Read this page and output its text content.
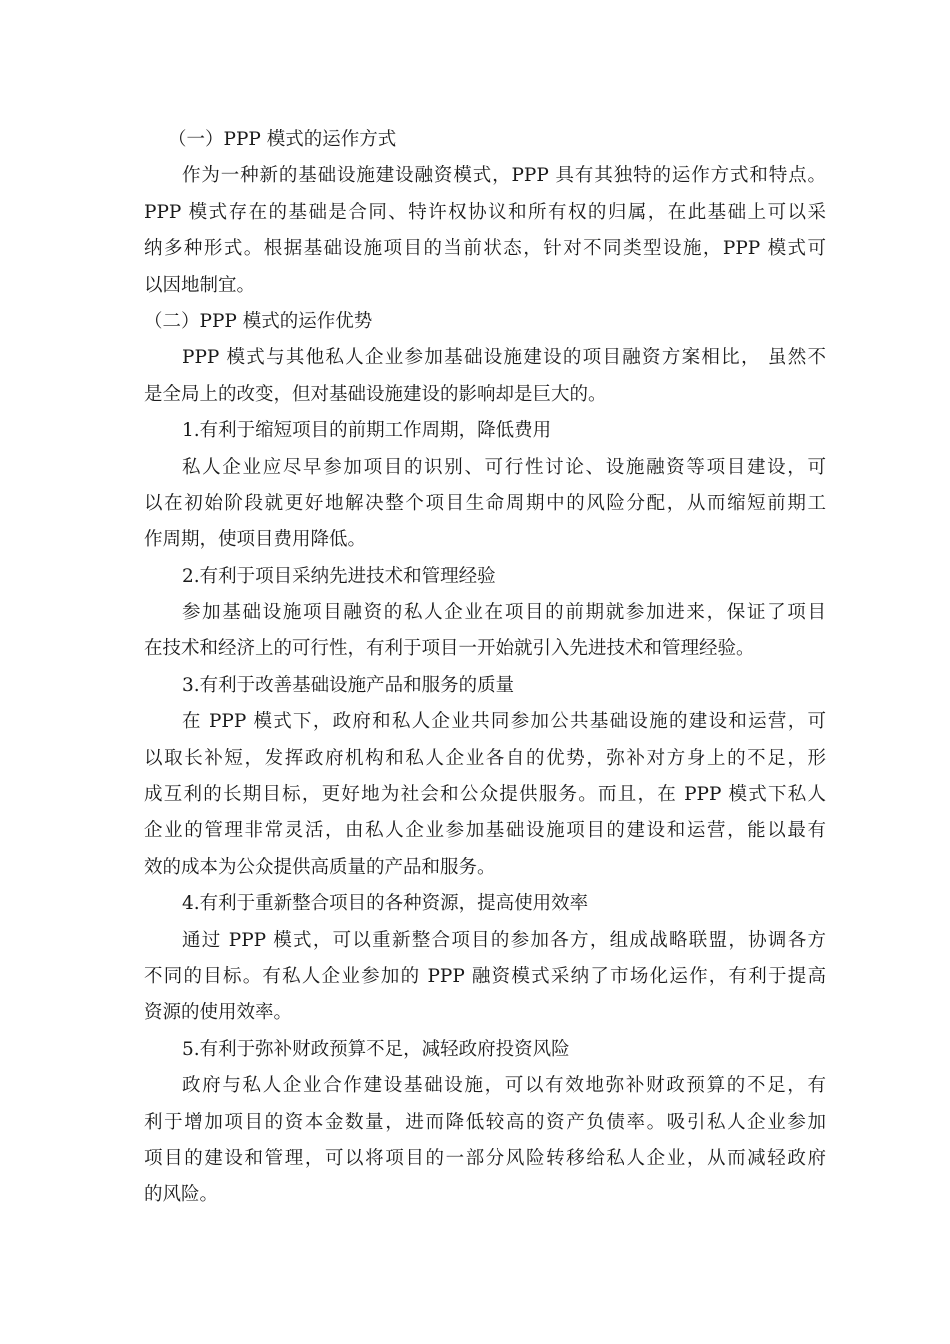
（一）PPP 模式的运作方式
作为一种新的基础设施建设融资模式，PPP 具有其独特的运作方式和特点。
PPP 模式存在的基础是合同、特许权协议和所有权的归属，在此基础上可以采
纳多种形式。根据基础设施项目的当前状态，针对不同类型设施，PPP 模式可
以因地制宜。
（二）PPP 模式的运作优势
PPP 模式与其他私人企业参加基础设施建设的项目融资方案相比， 虽然不
是全局上的改变，但对基础设施建设的影响却是巨大的。
1.有利于缩短项目的前期工作周期，降低费用
私人企业应尽早参加项目的识别、可行性讨论、设施融资等项目建设，可
以在初始阶段就更好地解决整个项目生命周期中的风险分配，从而缩短前期工
作周期，使项目费用降低。
2.有利于项目采纳先进技术和管理经验
参加基础设施项目融资的私人企业在项目的前期就参加进来，保证了项目
在技术和经济上的可行性，有利于项目一开始就引入先进技术和管理经验。
3.有利于改善基础设施产品和服务的质量
在 PPP 模式下，政府和私人企业共同参加公共基础设施的建设和运营，可
以取长补短，发挥政府机构和私人企业各自的优势，弥补对方身上的不足，形
成互利的长期目标，更好地为社会和公众提供服务。而且，在 PPP 模式下私人
企业的管理非常灵活，由私人企业参加基础设施项目的建设和运营，能以最有
效的成本为公众提供高质量的产品和服务。
4.有利于重新整合项目的各种资源，提高使用效率
通过 PPP 模式，可以重新整合项目的参加各方，组成战略联盟，协调各方
不同的目标。有私人企业参加的 PPP 融资模式采纳了市场化运作，有利于提高
资源的使用效率。
5.有利于弥补财政预算不足，减轻政府投资风险
政府与私人企业合作建设基础设施，可以有效地弥补财政预算的不足，有
利于增加项目的资本金数量，进而降低较高的资产负债率。吸引私人企业参加
项目的建设和管理，可以将项目的一部分风险转移给私人企业，从而减轻政府
的风险。
